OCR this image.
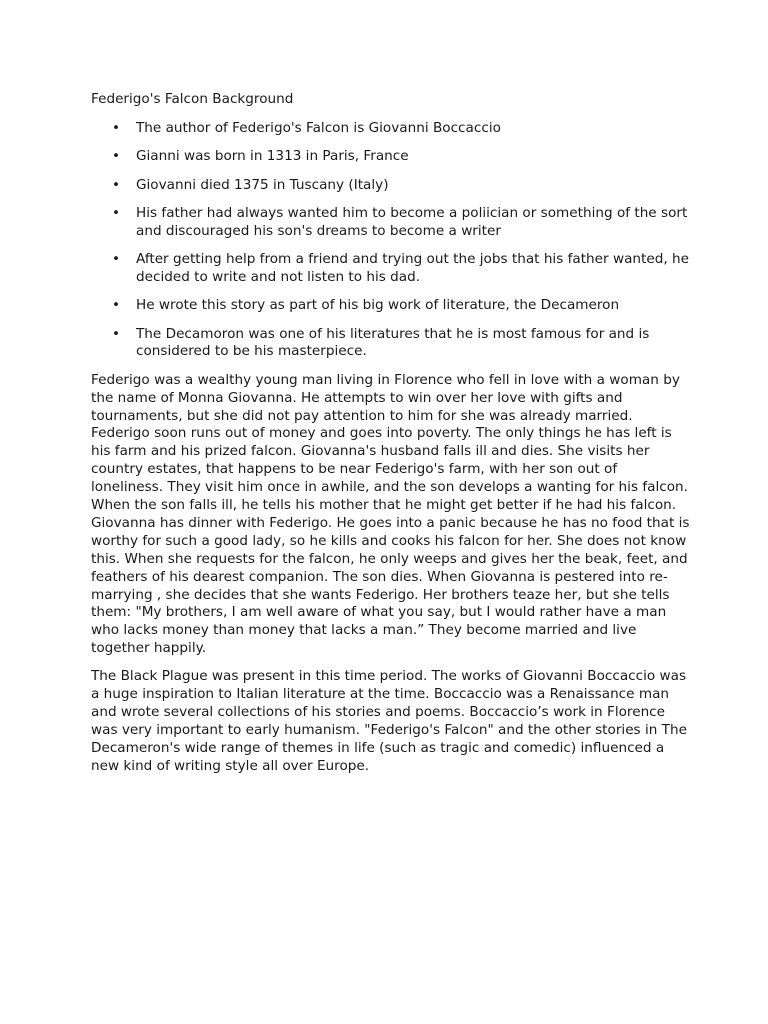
Federigo's Falcon Background
• The author of Federigo's Falcon is Giovanni Boccaccio
• Gianni was born in 1313 in Paris, France
• Giovanni died 1375 in Tuscany (Italy)
• His father had always wanted him to become a poliician or something of the sort and discouraged his son's dreams to become a writer
• After getting help from a friend and trying out the jobs that his father wanted, he decided to write and not listen to his dad.
• He wrote this story as part of his big work of literature, the Decameron
• The Decamoron was one of his literatures that he is most famous for and is considered to be his masterpiece.

Federigo was a wealthy young man living in Florence who fell in love with a woman by the name of Monna Giovanna. He attempts to win over her love with gifts and tournaments, but she did not pay attention to him for she was already married. Federigo soon runs out of money and goes into poverty. The only things he has left is his farm and his prized falcon. Giovanna's husband falls ill and dies. She visits her country estates, that happens to be near Federigo's farm, with her son out of loneliness. They visit him once in awhile, and the son develops a wanting for his falcon. When the son falls ill, he tells his mother that he might get better if he had his falcon. Giovanna has dinner with Federigo. He goes into a panic because he has no food that is worthy for such a good lady, so he kills and cooks his falcon for her. She does not know this. When she requests for the falcon, he only weeps and gives her the beak, feet, and feathers of his dearest companion. The son dies. When Giovanna is pestered into re-marrying , she decides that she wants Federigo. Her brothers teaze her, but she tells them: "My brothers, I am well aware of what you say, but I would rather have a man who lacks money than money that lacks a man.” They become married and live together happily.

The Black Plague was present in this time period. The works of Giovanni Boccaccio was a huge inspiration to Italian literature at the time. Boccaccio was a Renaissance man and wrote several collections of his stories and poems. Boccaccio’s work in Florence was very important to early humanism. "Federigo's Falcon" and the other stories in The Decameron's wide range of themes in life (such as tragic and comedic) influenced a new kind of writing style all over Europe.
